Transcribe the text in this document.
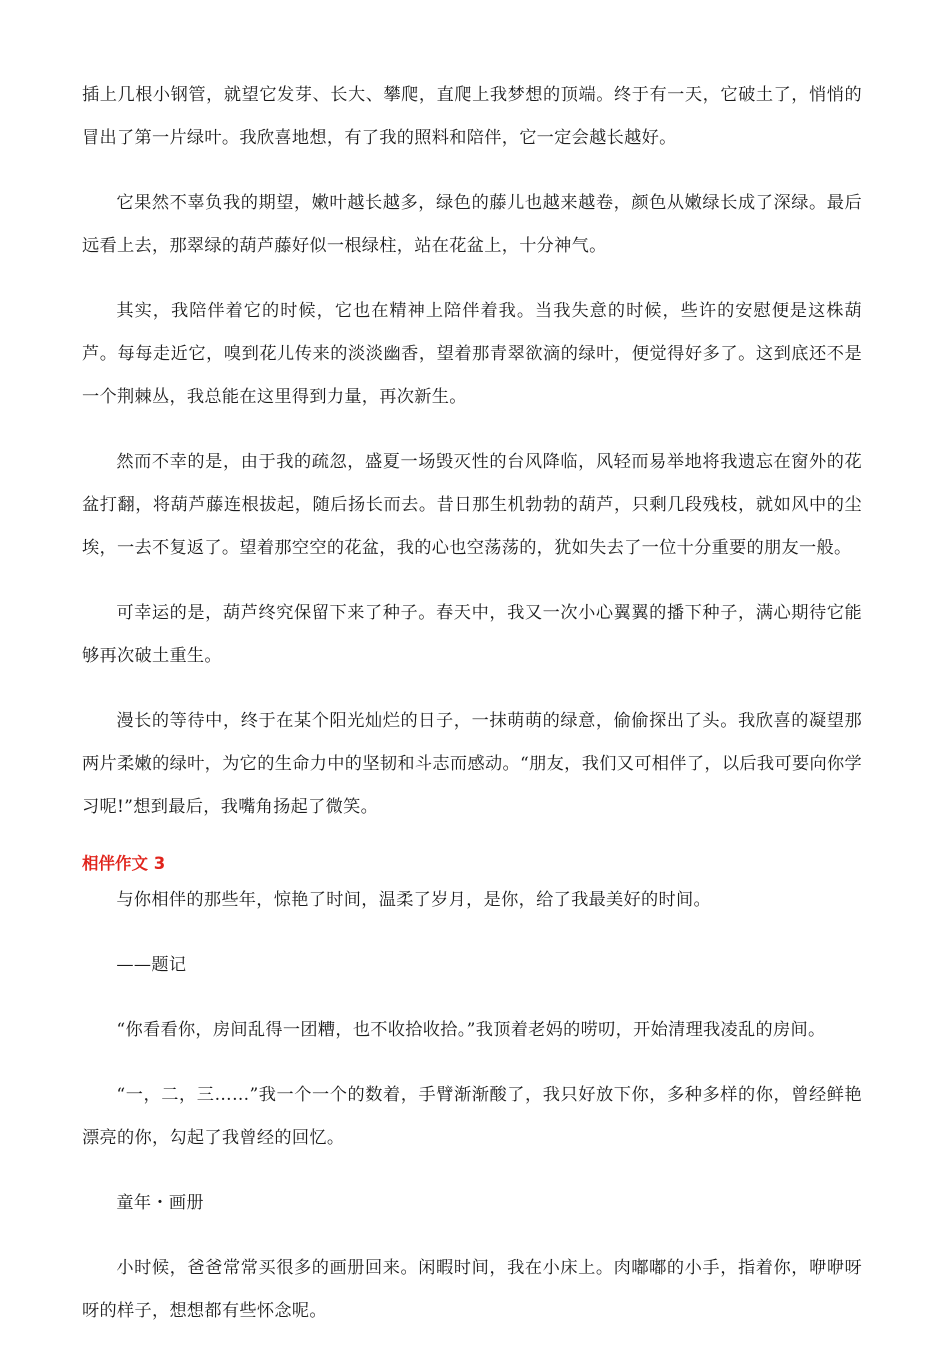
插上几根小钢管，就望它发芽、长大、攀爬，直爬上我梦想的顶端。终于有一天，它破土了，悄悄的冒出了第一片绿叶。我欣喜地想，有了我的照料和陪伴，它一定会越长越好。

它果然不辜负我的期望，嫩叶越长越多，绿色的藤儿也越来越卷，颜色从嫩绿长成了深绿。最后远看上去，那翠绿的葫芦藤好似一根绿柱，站在花盆上，十分神气。

其实，我陪伴着它的时候，它也在精神上陪伴着我。当我失意的时候，些许的安慰便是这株葫芦。每每走近它，嗅到花儿传来的淡淡幽香，望着那青翠欲滴的绿叶，便觉得好多了。这到底还不是一个荆棘丛，我总能在这里得到力量，再次新生。

然而不幸的是，由于我的疏忽，盛夏一场毁灭性的台风降临，风轻而易举地将我遗忘在窗外的花盆打翻，将葫芦藤连根拔起，随后扬长而去。昔日那生机勃勃的葫芦，只剩几段残枝，就如风中的尘埃，一去不复返了。望着那空空的花盆，我的心也空荡荡的，犹如失去了一位十分重要的朋友一般。

可幸运的是，葫芦终究保留下来了种子。春天中，我又一次小心翼翼的播下种子，满心期待它能够再次破土重生。

漫长的等待中，终于在某个阳光灿烂的日子，一抹萌萌的绿意，偷偷探出了头。我欣喜的凝望那两片柔嫩的绿叶，为它的生命力中的坚韧和斗志而感动。“朋友，我们又可相伴了，以后我可要向你学习呢!”想到最后，我嘴角扬起了微笑。

相伴作文 3

与你相伴的那些年，惊艳了时间，温柔了岁月，是你，给了我最美好的时间。

——题记

“你看看你，房间乱得一团糟，也不收拾收拾。”我顶着老妈的唠叨，开始清理我凌乱的房间。

“一，二，三……”我一个一个的数着，手臂渐渐酸了，我只好放下你，多种多样的你，曾经鲜艳漂亮的你，勾起了我曾经的回忆。

童年・画册

小时候，爸爸常常买很多的画册回来。闲暇时间，我在小床上。肉嘟嘟的小手，指着你，咿咿呀呀的样子，想想都有些怀念呢。
